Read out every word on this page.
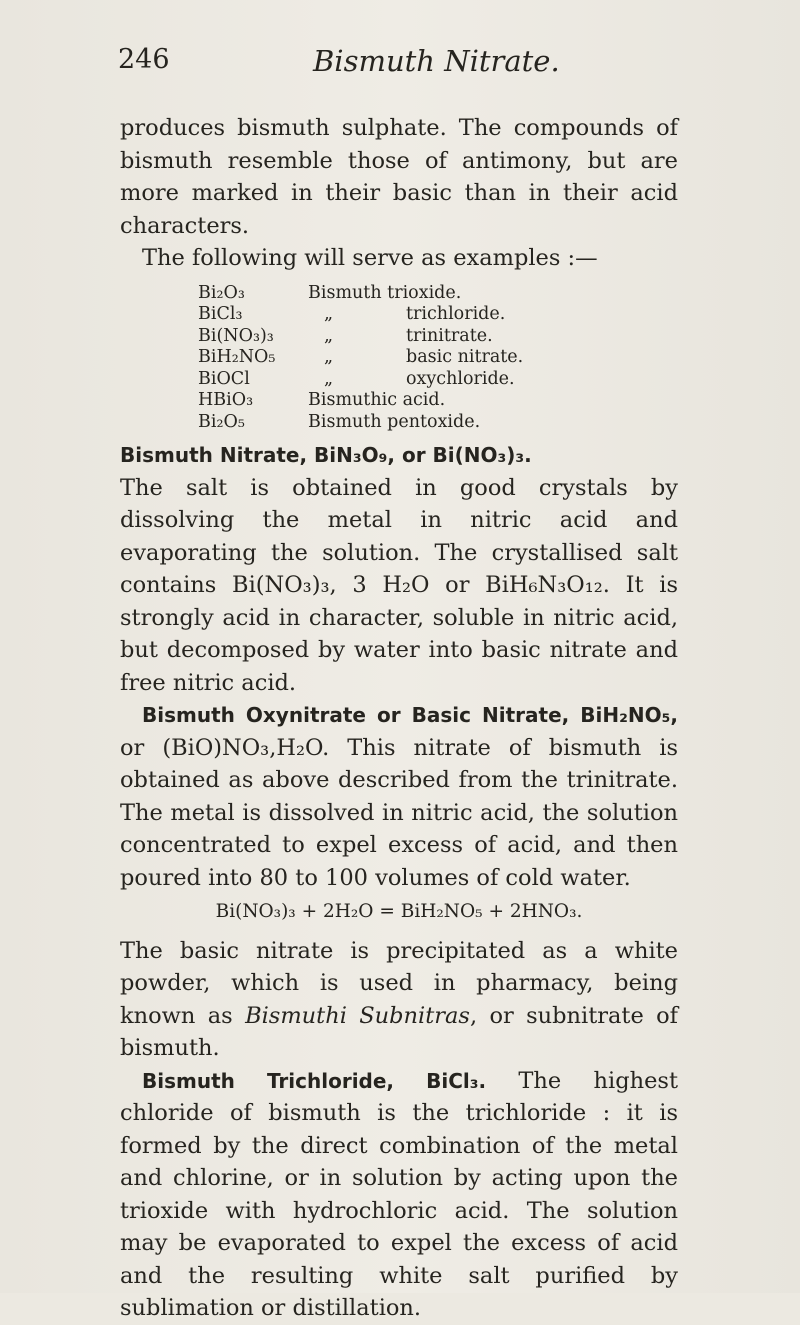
246	Bismuth Nitrate.

produces bismuth sulphate. The compounds of bismuth resemble those of antimony, but are more marked in their basic than in their acid characters.

The following will serve as examples :—

Bi₂O₃	Bismuth trioxide.
BiCl₃	„	trichloride.
Bi(NO₃)₃	„	trinitrate.
BiH₂NO₅	„	basic nitrate.
BiOCl	„	oxychloride.
HBiO₃	Bismuthic acid.
Bi₂O₅	Bismuth pentoxide.

Bismuth Nitrate, BiN₃O₉, or Bi(NO₃)₃.

The salt is obtained in good crystals by dissolving the metal in nitric acid and evaporating the solution. The crystallised salt contains Bi(NO₃)₃, 3 H₂O or BiH₆N₃O₁₂. It is strongly acid in character, soluble in nitric acid, but decomposed by water into basic nitrate and free nitric acid.

Bismuth Oxynitrate or Basic Nitrate, BiH₂NO₅, or (BiO)NO₃,H₂O. This nitrate of bismuth is obtained as above described from the trinitrate. The metal is dissolved in nitric acid, the solution concentrated to expel excess of acid, and then poured into 80 to 100 volumes of cold water.

Bi(NO₃)₃ + 2H₂O = BiH₂NO₅ + 2HNO₃.

The basic nitrate is precipitated as a white powder, which is used in pharmacy, being known as Bismuthi Subnitras, or subnitrate of bismuth.

Bismuth Trichloride, BiCl₃. The highest chloride of bismuth is the trichloride : it is formed by the direct combination of the metal and chlorine, or in solution by acting upon the trioxide with hydrochloric acid. The solution may be evaporated to expel the excess of acid and the resulting white salt purified by sublimation or distillation.
